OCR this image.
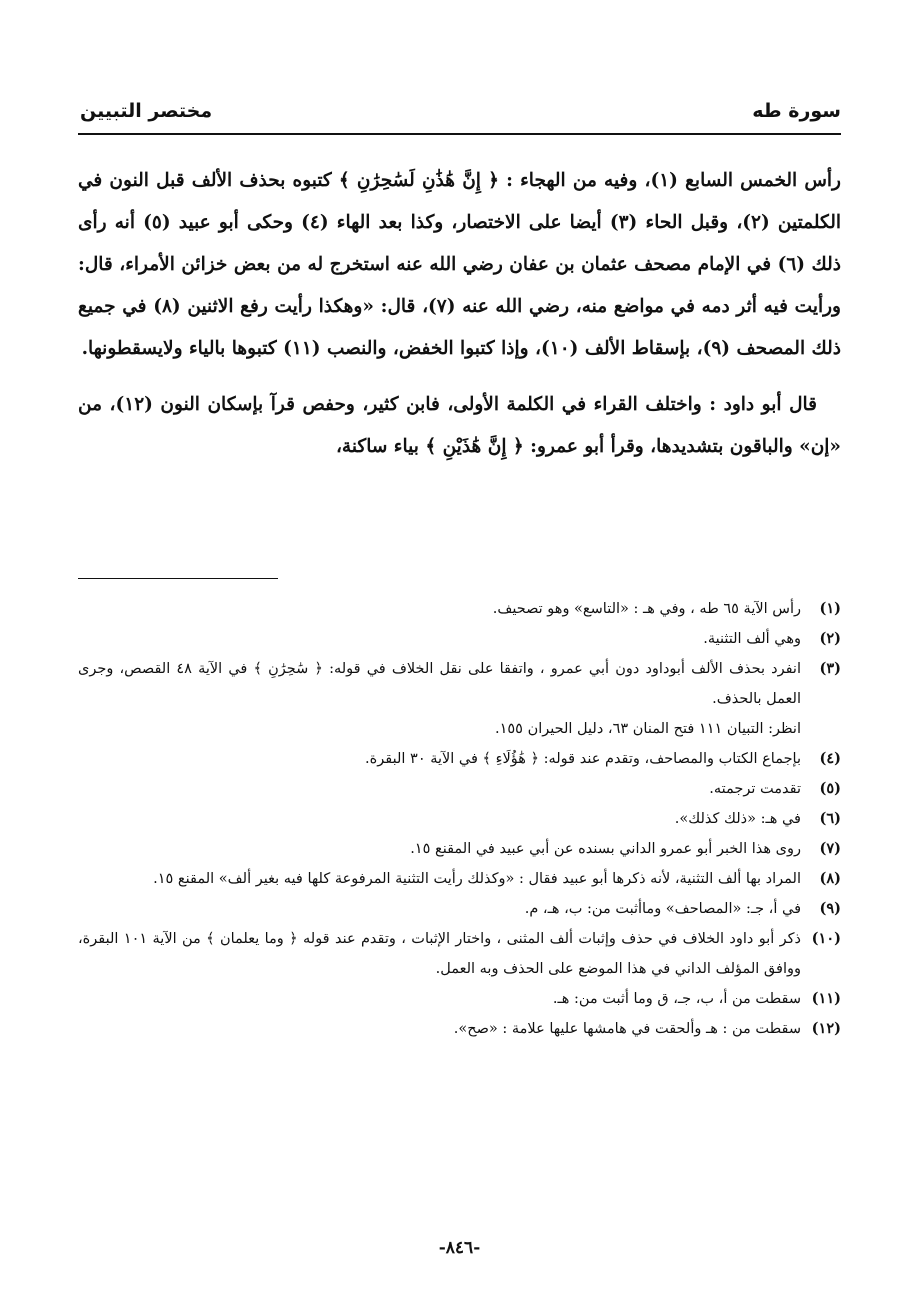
سورة طه
مختصر التبيين

رأس الخمس السابع (١)، وفيه من الهجاء : ﴿ إِنَّ هَٰذَٰنِ لَسَٰحِرَٰنِ ﴾ كتبوه بحذف الألف قبل النون في الكلمتين (٢)، وقبل الحاء (٣) أيضا على الاختصار، وكذا بعد الهاء (٤) وحكى أبو عبيد (٥) أنه رأى ذلك (٦) في الإمام مصحف عثمان بن عفان رضي الله عنه استخرج له من بعض خزائن الأمراء، قال: ورأيت فيه أثر دمه في مواضع منه، رضي الله عنه (٧)، قال: «وهكذا رأيت رفع الاثنين (٨) في جميع ذلك المصحف (٩)، بإسقاط الألف (١٠)، وإذا كتبوا الخفض، والنصب (١١) كتبوها بالياء ولايسقطونها.

قال أبو داود : واختلف القراء في الكلمة الأولى، فابن كثير، وحفص قرآ بإسكان النون (١٢)، من «إن» والباقون بتشديدها، وقرأ أبو عمرو: ﴿ إِنَّ هَٰذَيْنِ ﴾ بياء ساكنة،

(١)
رأس الآية ٦٥ طه ، وفي هـ : «التاسع» وهو تصحيف.
(٢)
وهي ألف التثنية.
(٣)
انفرد بحذف الألف أبوداود دون أبي عمرو ، واتفقا على نقل الخلاف في قوله: ﴿ سَٰحِرَٰنِ ﴾ في الآية ٤٨ القصص، وجرى العمل بالحذف.
انظر: التبيان ١١١ فتح المنان ٦٣، دليل الحيران ١٥٥.
(٤)
بإجماع الكتاب والمصاحف، وتقدم عند قوله: ﴿ هَٰؤُلَاءِ ﴾ في الآية ٣٠ البقرة.
(٥)
تقدمت ترجمته.
(٦)
في هـ: «ذلك كذلك».
(٧)
روى هذا الخبر أبو عمرو الداني بسنده عن أبي عبيد في المقنع ١٥.
(٨)
المراد بها ألف التثنية، لأنه ذكرها أبو عبيد فقال : «وكذلك رأيت التثنية المرفوعة كلها فيه بغير ألف» المقنع ١٥.
(٩)
في أ، جـ: «المصاحف» وماأثبت من: ب، هـ، م.
(١٠)
ذكر أبو داود الخلاف في حذف وإثبات ألف المثنى ، واختار الإثبات ، وتقدم عند قوله ﴿ وما يعلمان ﴾ من الآية ١٠١ البقرة، ووافق المؤلف الداني في هذا الموضع على الحذف وبه العمل.
(١١)
سقطت من أ، ب، جـ، ق وما أثبت من: هـ.
(١٢)
سقطت من : هـ وألحقت في هامشها عليها علامة : «صح».
-٨٤٦-
